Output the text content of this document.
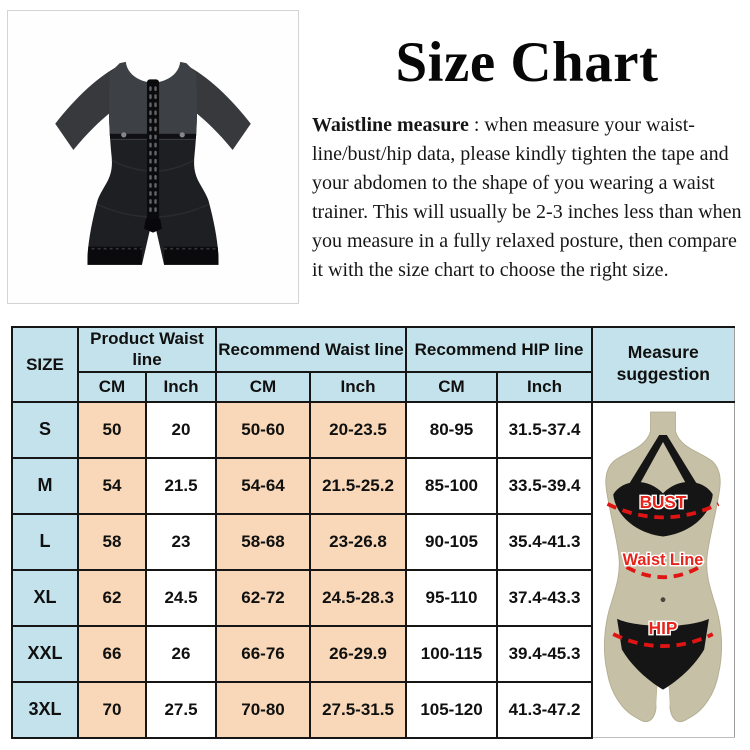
Size Chart

Waistline measure : when measure your waist-line/bust/hip data, please kindly tighten the tape and your abdomen to the shape of you wearing a waist trainer. This will usually be 2-3 inches less than when you measure in a fully relaxed posture, then compare it with the size chart to choose the right size.

SIZE	Product Waist line		Recommend Waist line		Recommend HIP line		Measure suggestion
	CM	Inch	CM	Inch	CM	Inch	
S	50	20	50-60	20-23.5	80-95	31.5-37.4	BUST
Waist Line
HIP

M	54	21.5	54-64	21.5-25.2	85-100	33.5-39.4	
L	58	23	58-68	23-26.8	90-105	35.4-41.3	
XL	62	24.5	62-72	24.5-28.3	95-110	37.4-43.3	
XXL	66	26	66-76	26-29.9	100-115	39.4-45.3	
3XL	70	27.5	70-80	27.5-31.5	105-120	41.3-47.2	
